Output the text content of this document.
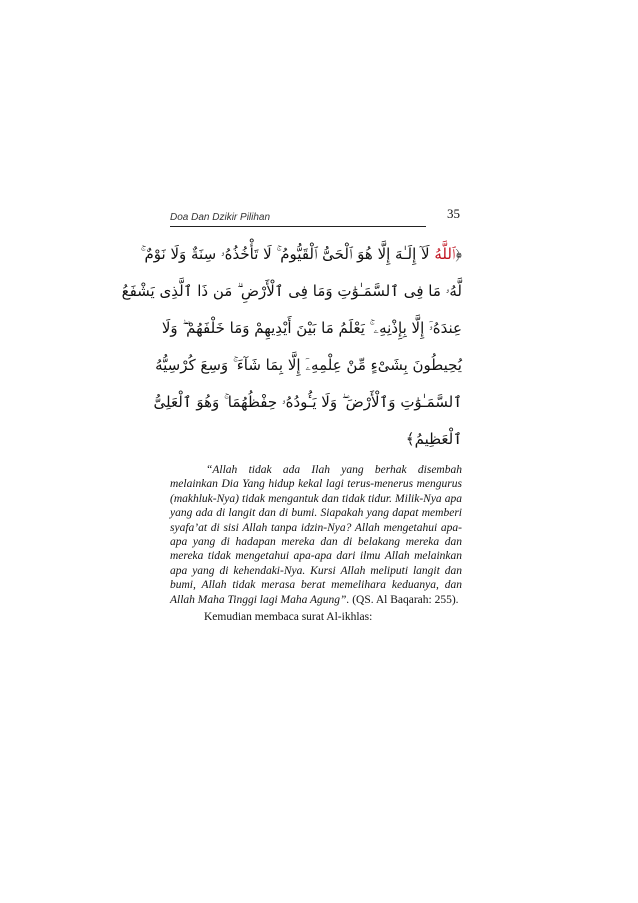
Doa Dan Dzikir Pilihan	35
﴿ٱللَّهُ لَآ إِلَـٰهَ إِلَّا هُوَ ٱلْحَىُّ ٱلْقَيُّومُ ۚ لَا تَأْخُذُهُۥ سِنَةٌ وَلَا نَوْمٌ ۚ
لَّهُۥ مَا فِى ٱلسَّمَـٰوَٰتِ وَمَا فِى ٱلْأَرْضِ ۗ مَن ذَا ٱلَّذِى يَشْفَعُ
عِندَهُۥٓ إِلَّا بِإِذْنِهِۦ ۚ يَعْلَمُ مَا بَيْنَ أَيْدِيهِمْ وَمَا خَلْفَهُمْ ۖ وَلَا
يُحِيطُونَ بِشَىْءٍ مِّنْ عِلْمِهِۦٓ إِلَّا بِمَا شَآءَ ۚ وَسِعَ كُرْسِيُّهُ
ٱلسَّمَـٰوَٰتِ وَٱلْأَرْضَ ۖ وَلَا يَـُٔودُهُۥ حِفْظُهُمَا ۚ وَهُوَ ٱلْعَلِىُّ
ٱلْعَظِيمُ﴾

“Allah tidak ada Ilah yang berhak disembah melainkan Dia Yang hidup kekal lagi terus-menerus mengurus (makhluk-Nya) tidak mengantuk dan tidak tidur. Milik-Nya apa yang ada di langit dan di bumi. Siapakah yang dapat memberi syafa’at di sisi Allah tanpa idzin-Nya? Allah mengetahui apa-apa yang di hadapan mereka dan di belakang mereka dan mereka tidak mengetahui apa-apa dari ilmu Allah melainkan apa yang di kehendaki-Nya. Kursi Allah meliputi langit dan bumi, Allah tidak merasa berat memelihara keduanya, dan Allah Maha Tinggi lagi Maha Agung”. (QS. Al Baqarah: 255).

Kemudian membaca surat Al-ikhlas:
